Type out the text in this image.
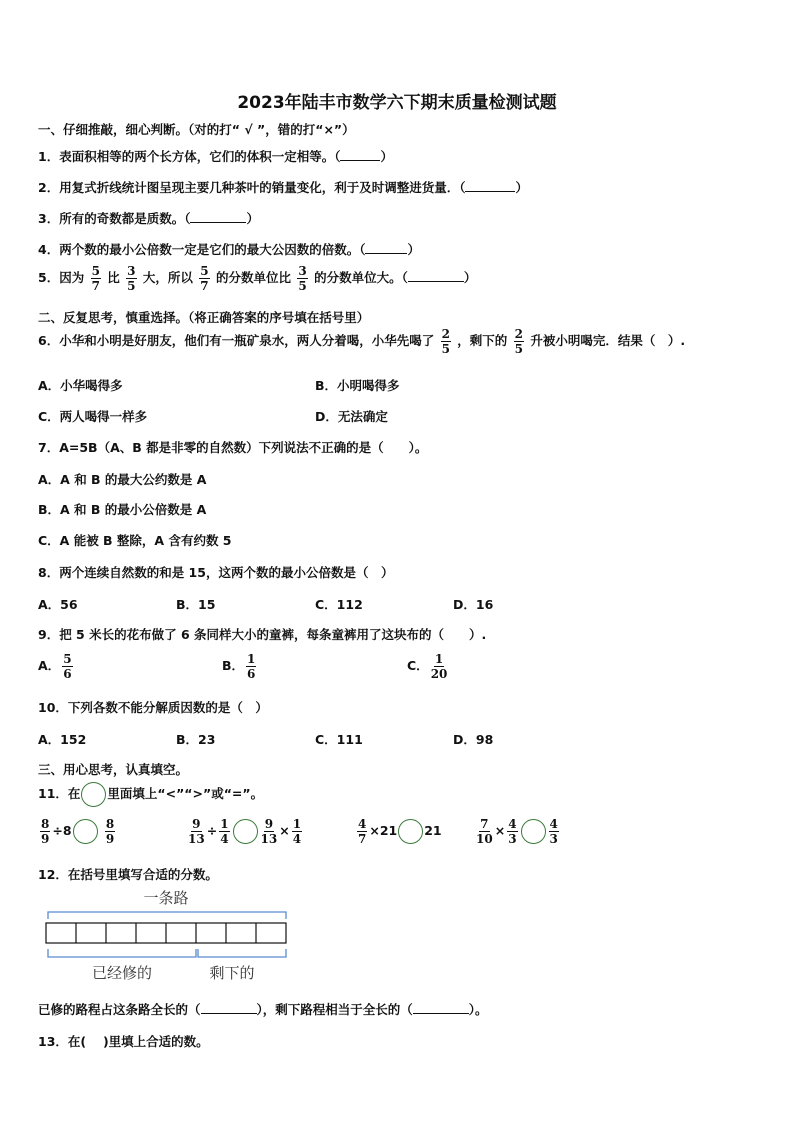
2023年陆丰市数学六下期末质量检测试题
一、仔细推敲，细心判断。（对的打“ √ ”，错的打“×”）
1．表面积相等的两个长方体，它们的体积一定相等。（	）
2．用复式折线统计图呈现主要几种茶叶的销量变化，利于及时调整进货量．（	）
3．所有的奇数都是质数。（	）
4．两个数的最小公倍数一定是它们的最大公因数的倍数。（	）
5．因为 $\frac{5}{7}$ 比 $\frac{3}{5}$ 大，所以 $\frac{5}{7}$ 的分数单位比 $\frac{3}{5}$ 的分数单位大。（	）
二、反复思考，慎重选择。（将正确答案的序号填在括号里）
6．小华和小明是好朋友，他们有一瓶矿泉水，两人分着喝，小华先喝了 $\frac{2}{5}$ ，剩下的 $\frac{2}{5}$ 升被小明喝完．结果（　）.
A．小华喝得多	B．小明喝得多
C．两人喝得一样多	D．无法确定
7．A=5B（A、B 都是非零的自然数）下列说法不正确的是（　　）。
A．A 和 B 的最大公约数是 A
B．A 和 B 的最小公倍数是 A
C．A 能被 B 整除，A 含有约数 5
8．两个连续自然数的和是 15，这两个数的最小公倍数是（　）
A．56	B．15	C．112	D．16
9．把 5 米长的花布做了 6 条同样大小的童裤，每条童裤用了这块布的（　　）.
A． $\frac{5}{6}$	B． $\frac{1}{6}$	C． $\frac{1}{20}$
10．下列各数不能分解质因数的是（　）
A．152	B．23	C．111	D．98
三、用心思考，认真填空。
11．在 里面填上“<”“>”或“=”。
$\frac{8}{9} \div 8$	$\frac{8}{9}$	$\frac{9}{13} \div \frac{1}{4}$	$\frac{9}{13} \times \frac{1}{4}$	$\frac{4}{7} \times 21$ 21	$\frac{7}{10} \times \frac{4}{3}$	$\frac{4}{3}$
12．在括号里填写合适的分数。
一条路
已经修的	剩下的
已修的路程占这条路全长的（	），剩下路程相当于全长的（	）。
13．在(　 )里填上合适的数。
